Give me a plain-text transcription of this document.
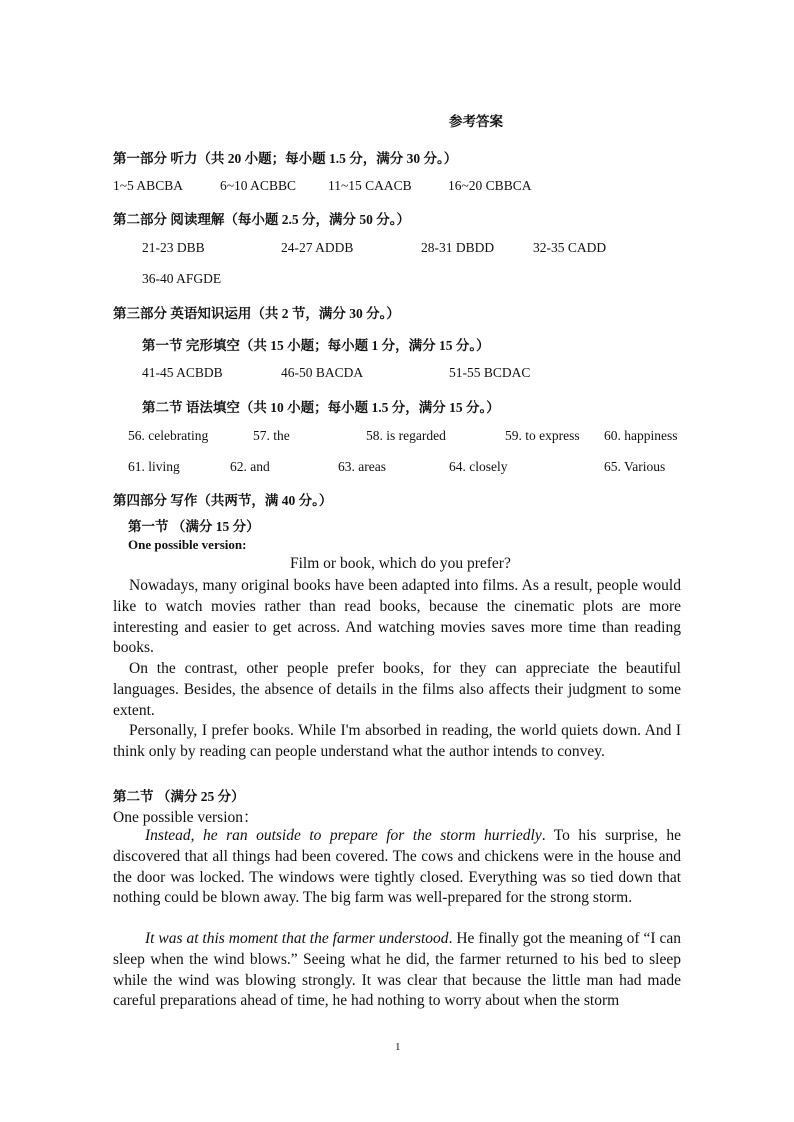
参考答案
第一部分 听力（共 20 小题；每小题 1.5 分，满分 30 分。）
1~5 ABCBA	6~10 ACBBC 11~15 CAACB	16~20 CBBCA
第二部分 阅读理解（每小题 2.5 分，满分 50 分。）
21-23 DBB	24-27 ADDB	28-31 DBDD	32-35 CADD
36-40 AFGDE
第三部分 英语知识运用（共 2 节，满分 30 分。）
第一节 完形填空（共 15 小题；每小题 1 分，满分 15 分。）
41-45 ACBDB	46-50 BACDA	51-55 BCDAC
第二节 语法填空（共 10 小题；每小题 1.5 分，满分 15 分。）
56. celebrating	57. the	58. is regarded	59. to express 60. happiness
61. living	62. and	63. areas	64. closely	65. Various
第四部分 写作（共两节，满 40 分。）
第一节 （满分 15 分）
One possible version:
Film or book, which do you prefer?

Nowadays, many original books have been adapted into films. As a result, people would like to watch movies rather than read books, because the cinematic plots are more interesting and easier to get across. And watching movies saves more time than reading books.

On the contrast, other people prefer books, for they can appreciate the beautiful languages. Besides, the absence of details in the films also affects their judgment to some extent.

Personally, I prefer books. While I'm absorbed in reading, the world quiets down. And I think only by reading can people understand what the author intends to convey.

第二节 （满分 25 分）
One possible version：

Instead, he ran outside to prepare for the storm hurriedly. To his surprise, he discovered that all things had been covered. The cows and chickens were in the house and the door was locked. The windows were tightly closed. Everything was so tied down that nothing could be blown away. The big farm was well-prepared for the strong storm.

It was at this moment that the farmer understood. He finally got the meaning of “I can sleep when the wind blows.” Seeing what he did, the farmer returned to his bed to sleep while the wind was blowing strongly. It was clear that because the little man had made careful preparations ahead of time, he had nothing to worry about when the storm

1
